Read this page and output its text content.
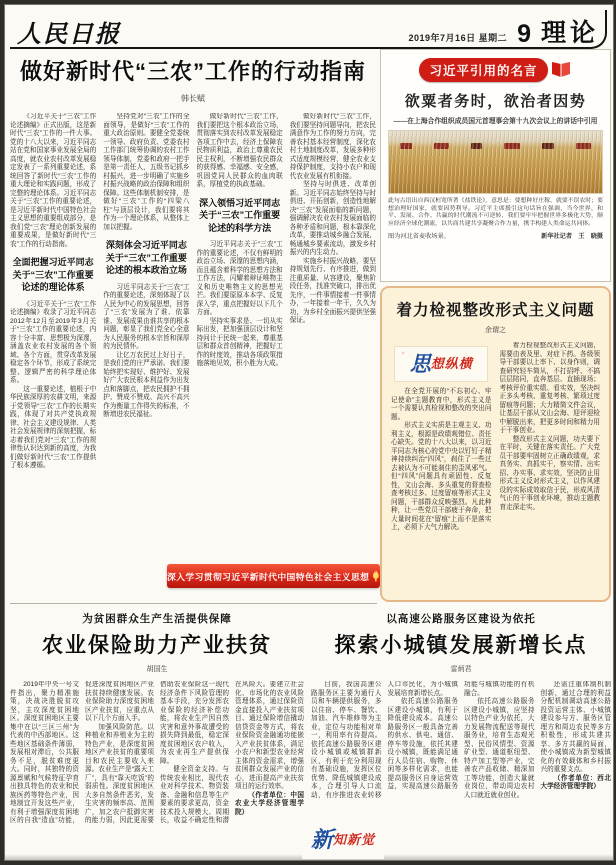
人民日报	2019年7月16日 星期二 9 理论
做好新时代“三农”工作的行动指南
韩长赋

《习近平关于“三农”工作论述摘编》正式出版，这是新时代“三农”工作的一件大事。党的十八大以来，习近平同志站在党和国家事业发展全局的高度，就农业农村改革发展稳定发表了一系列重要论述，系统回答了新时代“三农”工作的重大理论和实践问题，形成了完整的理论体系。习近平同志关于“三农”工作的重要论述，是习近平新时代中国特色社会主义思想的重要组成部分，是我们党“三农”理论创新发展的重要成果，是做好新时代“三农”工作的行动指南。

全面把握习近平同志关于“三农”工作重要论述的理论体系

《习近平关于“三农”工作论述摘编》收录了习近平同志2012年12月至2019年3月关于“三农”工作的重要论述，内容十分丰富、思想极为深邃，涵盖农业农村发展的各个领域、各个方面，贯穿改革发展稳定各个环节，形成了系统完整、逻辑严密的科学理论体系。

这一重要论述，植根于中华民族深厚的农耕文明，来源于党领导“三农”工作的长期实践，体现了对共产党执政规律、社会主义建设规律、人类社会发展规律的深刻把握，标志着我们党对“三农”工作的规律性认识达到新的高度，为我们做好新时代“三农”工作提供了根本遵循。

坚持党对“三农”工作的全面领导，是做好“三农”工作的重大政治原则。要健全党委统一领导、政府负责、党委农村工作部门统筹协调的农村工作领导体制，党委和政府一把手是第一责任人，五级书记抓乡村振兴，进一步明确了实施乡村振兴战略的政治保障和组织保障。这些体制机制安排，是做好“三农”工作的“四梁八柱”与顶层设计，我们要将其作为一个理论体系，从整体上加以把握。

深刻体会习近平同志关于“三农”工作重要论述的根本政治立场

习近平同志关于“三农”工作的重要论述，深刻体现了以人民为中心的发展思想，回答了“三农”发展为了谁、依靠谁、发展成果由谁共享的根本问题，彰显了我们党全心全意为人民服务的根本宗旨和深厚的为民情怀。

让亿万农民过上好日子，是我们党的庄严承诺。我们要始终把实现好、维护好、发展好广大农民根本利益作为出发点和落脚点，把农民拥护不拥护、赞成不赞成、高兴不高兴作为衡量工作得失的标准，不断增进农民福祉。

做好新时代“三农”工作，我们要把这个根本政治立场，贯彻落实到农村改革发展稳定各项工作中去，经济上保障农民物质利益，政治上尊重农民民主权利，不断增强农民群众的获得感、幸福感、安全感，巩固党同人民群众的血肉联系，厚植党的执政基础。

深入领悟习近平同志关于“三农”工作重要论述的科学方法

习近平同志关于“三农”工作的重要论述，不仅有鲜明的政治立场、深邃的思想内涵，而且蕴含着科学的思想方法和工作方法，闪耀着辩证唯物主义和历史唯物主义的思想光芒。我们要原原本本学、反复深入学，重点把握好以下几个方面。

坚持实事求是、一切从实际出发，把加强顶层设计和坚持问计于民统一起来，尊重基层和群众首创精神，把握好工作的时度效，推动各项政策措施落地见效，积小胜为大成。

做好新时代“三农”工作，我们要坚持问题导向，把农民满意作为工作的努力方向，完善农村基本经营制度，深化农村土地制度改革，发展多种形式适度规模经营，健全农业支持保护制度，支持小农户和现代农业发展有机衔接。

坚持与时俱进、改革创新。习近平同志始终坚持与时俱进、开拓创新，创造性地解决“三农”发展面临的新问题，强调解决农业农村发展面临的各种矛盾和问题，根本靠深化改革，要推动城乡融合发展，畅通城乡要素流动，激发乡村振兴的内生动力。

实施乡村振兴战略，要坚持规划先行、有序推进，做到注重质量、从容建设，聚焦阶段任务，找准突破口，排出优先序，一件事情接着一件事情办，一年接着一年干，久久为功，为乡村全面振兴提供坚强保证。

深入学习贯彻习近平新时代中国特色社会主义思想
习近平引用的名言
欲粟者务时，欲治者因势
——在上海合作组织成员国元首理事会第十九次会议上的讲话中引用
此句古语出自西汉桓宽所著《盐铁论》，意思是：要想种好庄稼，就要不误农时；要想治理好国家，就要因势利导。习近平主席援引这句话旨在强调，当今世界，和平、发展、合作、共赢的时代潮流不可逆转，我们要牢牢把握世界多极化大势，顺应经济全球化潮流，以共商共建共享凝聚合作力量，携手构建人类命运共同体。
图为河北省麦收场景。	新华社记者　王　晓摄
着力检视整改形式主义问题
余谓之
思 想纵横

在全党开展的“不忘初心、牢记使命”主题教育中，形式主义是一个需要认真检视和整改的突出问题。

形式主义实质是主观主义、功利主义，根源是政绩观错位、责任心缺失。党的十八大以来，以习近平同志为核心的党中央以钉钉子精神持续纠治“四风”，刹住了一些过去被认为不可能刹住的歪风邪气。但“四风”问题具有顽固性、反复性，文山会海、多头重复的督查检查考核过多、过度留痕等形式主义问题，干部群众反映强烈。凡此种种，让一些党员干部疲于奔命，把大量时间花在“留痕”上而不是落实上，必须下大气力解决。

着力检视整改形式主义问题，需要由表及里、对症下药。各级领导干部要以上率下、以身作则，调查研究轻车简从，不打招呼、不搞层层陪同，直奔基层、直插现场；考核评价重实绩、看实效，坚决纠正多头考核、重复考核、繁琐过度留痕等问题；大力精简文件会议，让基层干部从文山会海、迎评迎检中解脱出来，把更多时间和精力用于干事创业。

整改形式主义问题，功夫要下在平时，关键在落实责任。广大党员干部要牢固树立正确政绩观，求真务实、真抓实干，察实情、出实招、办实事、求实效，坚决防止用形式主义反对形式主义，以作风建设的实际成效取信于民，形成风清气正的干事创业环境，推动主题教育走深走实。

为贫困群众生产生活提供保障
农业保险助力产业扶贫
胡国生

2019年中央一号文件指出，聚力精准施策，决战决胜脱贫攻坚，主攻深度贫困地区。深度贫困地区主要集中在以“三区三州”为代表的中西部地区。这些地区基础条件薄弱，发展相对滞后，公共服务不足，脱贫难度更大。同时，其独特的资源禀赋和气候特征孕育出独具特色的农业和民族医药等特色产业，因地制宜开发这些产业，有利于增强深度贫困地区的自我“造血”功能，促进深度贫困地区产业扶贫持续健康发展。农业保险助力深度贫困地区产业扶贫，应重点从以下几个方面入手。

加强风险防范。以种植业和养殖业为主的特色产业，是深度贫困地区产业扶贫的重要项目和农民主要收入来源。农业生产是“露天工厂”，具有“靠天吃饭”的弱质性。深度贫困地区大多自然条件恶劣，发生灾害的频率高、范围广，加之农户抵御灾害的能力弱，因此更需要借助农业保险这一现代经济条件下风险管理的基本手段，充分发挥农业保险的经济补偿功能，将农业生产因自然灾害和意外事故遭受的损失降到最低，稳定深度贫困地区农户收入，为农业再生产提供保障。

健全资金支持。与传统农业相比，现代农业对科学技术、物资装备、金融和信息等生产要素的要求更高，资金技术投入规模大、周期长，收益不确定性和潜在风险大。要建立社会化、市场化的农业风险管理体系，通过保险资金直接投入产业扶贫项目、通过保险增信撬动信贷资金等方式，将农业保险资金融通功能嵌入产业扶贫体系，满足小农户和新型农业经营主体的资金需求，增强贫困群众发展产业的信心，进而提高产业扶贫项目的运行效率。

（作者单位：中国农业大学经济管理学院）

以高速公路服务区建设为依托
探索小城镇发展新增长点
雷炳君

目前，我国高速公路服务区主要为通行人员和车辆提供服务，多以住宿、停车、餐饮、加油、汽车维修等为主业，定位与功能相对单一，利用率有待提高。依托高速公路服务区建设小城镇或城镇群新区，有利于充分利用现有基础设施，发挥区位优势、降低城镇建设成本，合理引导人口流动，有序推进农业转移人口市民化，为小城镇发展培育新增长点。

依托高速公路服务区建设小城镇，有利于降低建设成本。高速公路服务区一般具备完善的供水、供电、通信、停车等设施，依托其建设小城镇，既能满足通行人员住宿、购物、休闲等多样化需求，也能提高服务区自身运营效益，实现高速公路服务功能与城镇功能的有机融合。

依托高速公路服务区建设小城镇，应坚持以特色产业为依托，大力发展物流配送等现代服务业，培育生态观光型、民俗风情型、资源矿业型、通道枢纽型、特产加工型等产业，完善农产品收储、精深加工等功能，创造大量就业岗位，带动周边农村人口就近就业创业。

还需注重体制机制创新，通过合理的利益分配机制调动高速公路投资运营主体、小城镇建设参与方、服务区管理方和周边农民等多方积极性，形成共建共享、多方共赢的局面，使小城镇成为新型城镇化的有效载体和乡村振兴的重要支点。

（作者单位：西北大学经济管理学院）

新 知新觉
